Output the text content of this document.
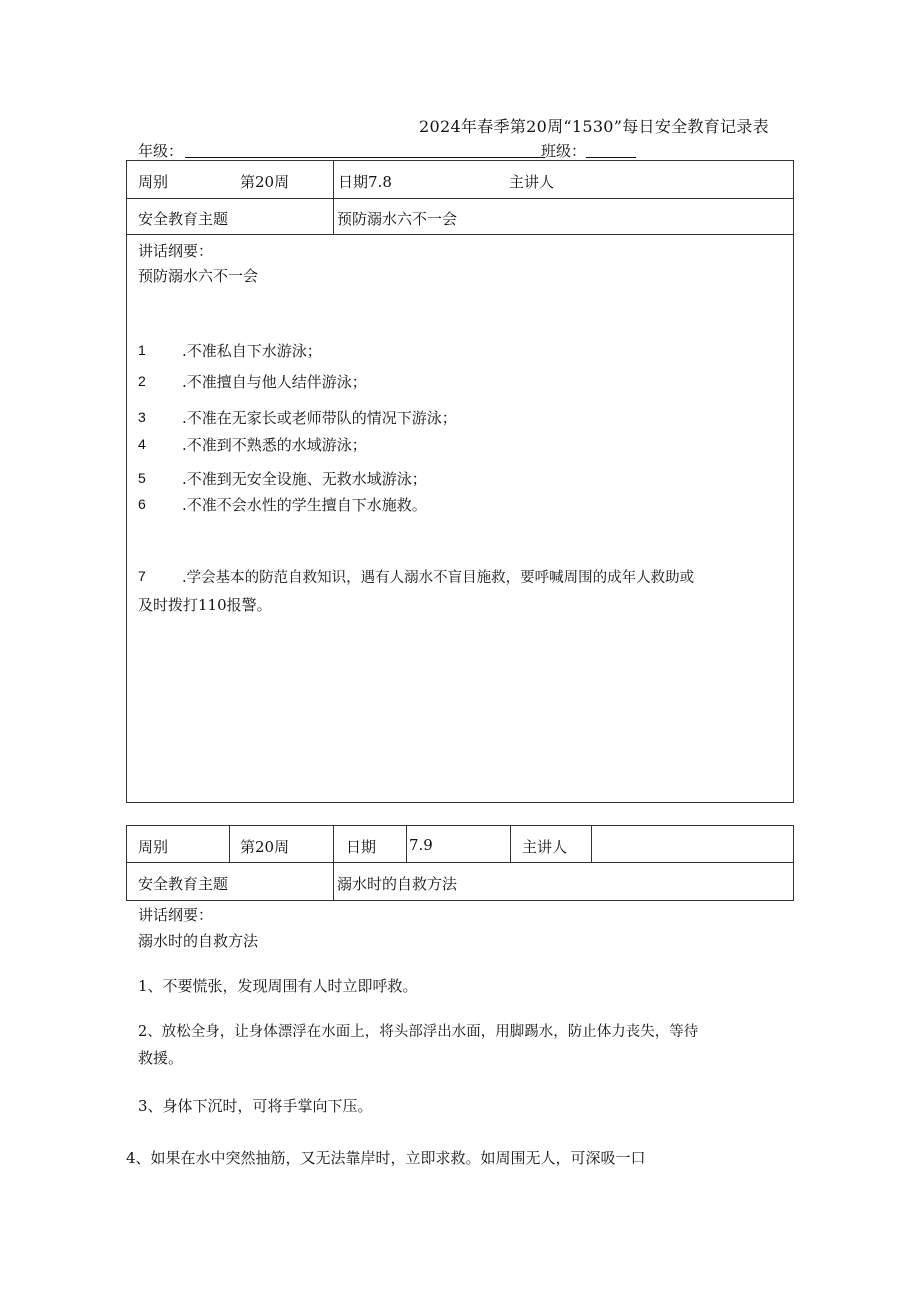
2024年春季第20周“1530”每日安全教育记录表
年级：	班级：
周别	第20周	日期7.8	主讲人
安全教育主题	预防溺水六不一会
讲话纲要：
预防溺水六不一会
1 .不准私自下水游泳；
2 .不准擅自与他人结伴游泳；
3 .不准在无家长或老师带队的情况下游泳；
4 .不准到不熟悉的水域游泳；
5 .不准到无安全设施、无救水域游泳；
6 .不准不会水性的学生擅自下水施救。
7 .学会基本的防范自救知识，遇有人溺水不盲目施救，要呼喊周围的成年人救助或
及时拨打110报警。
周别	第20周	日期 7.9	主讲人
安全教育主题	溺水时的自救方法
讲话纲要：
溺水时的自救方法
1、不要慌张，发现周围有人时立即呼救。
2、放松全身，让身体漂浮在水面上，将头部浮出水面，用脚踢水，防止体力丧失，等待
救援。
3、身体下沉时，可将手掌向下压。
4、如果在水中突然抽筋，又无法靠岸时，立即求救。如周围无人，可深吸一口
